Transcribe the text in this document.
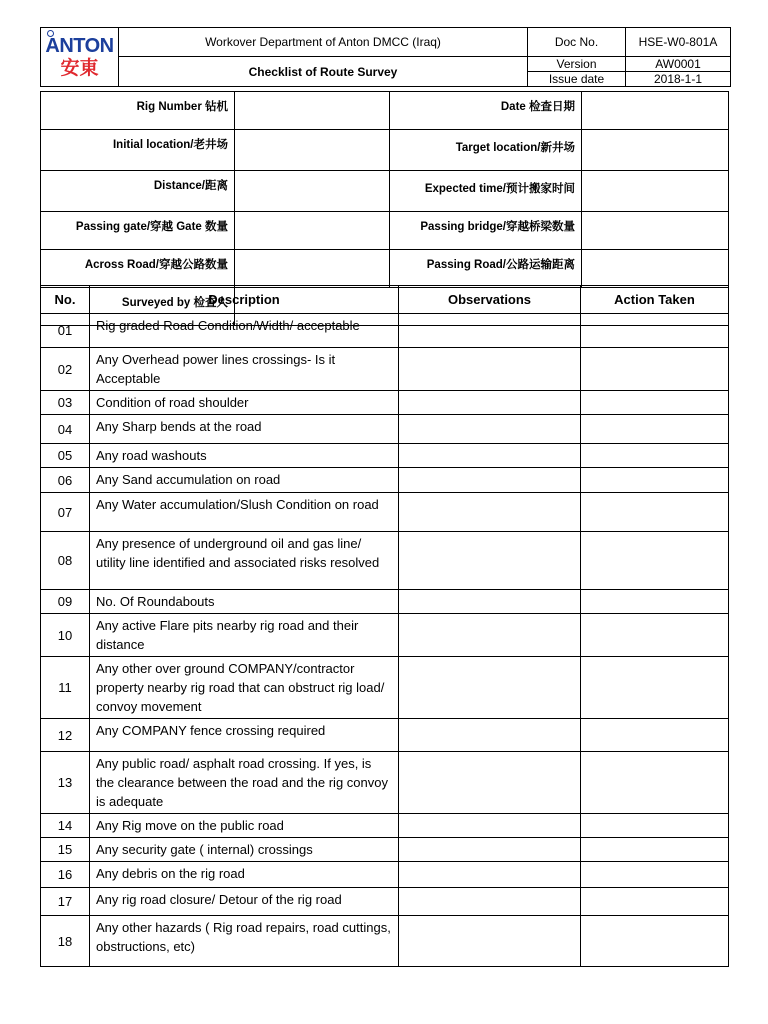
ANTON
安東	Workover Department of Anton DMCC (Iraq)	Doc No.	HSE-W0-801A
	Checklist of Route Survey	Version	AW0001
		Issue date	2018-1-1
Rig Number 钻机		Date 检查日期	
Initial location/老井场		Target location/新井场	
Distance/距离		Expected time/预计搬家时间	
Passing gate/穿越 Gate 数量		Passing bridge/穿越桥梁数量	
Across Road/穿越公路数量		Passing Road/公路运输距离	
Surveyed by 检查人			
No.	Description	Observations	Action Taken
01	Rig graded Road Condition/Width/ acceptable		
02	Any Overhead power lines crossings- Is it Acceptable		
03	Condition of road shoulder		
04	Any Sharp bends at the road		
05	Any road washouts		
06	Any Sand accumulation on road		
07	Any Water accumulation/Slush Condition on road		
08	Any presence of underground oil and gas line/ utility line identified and associated risks resolved		
09	No. Of Roundabouts		
10	Any active Flare pits nearby rig road and their distance		
11	Any other over ground COMPANY/contractor property nearby rig road that can obstruct rig load/ convoy movement		
12	Any COMPANY fence crossing required		
13	Any public road/ asphalt road crossing. If yes, is the clearance between the road and the rig convoy is adequate		
14	Any Rig move on the public road		
15	Any security gate ( internal) crossings		
16	Any debris on the rig road		
17	Any rig road closure/ Detour of the rig road		
18	Any other hazards ( Rig road repairs, road cuttings, obstructions, etc)		
